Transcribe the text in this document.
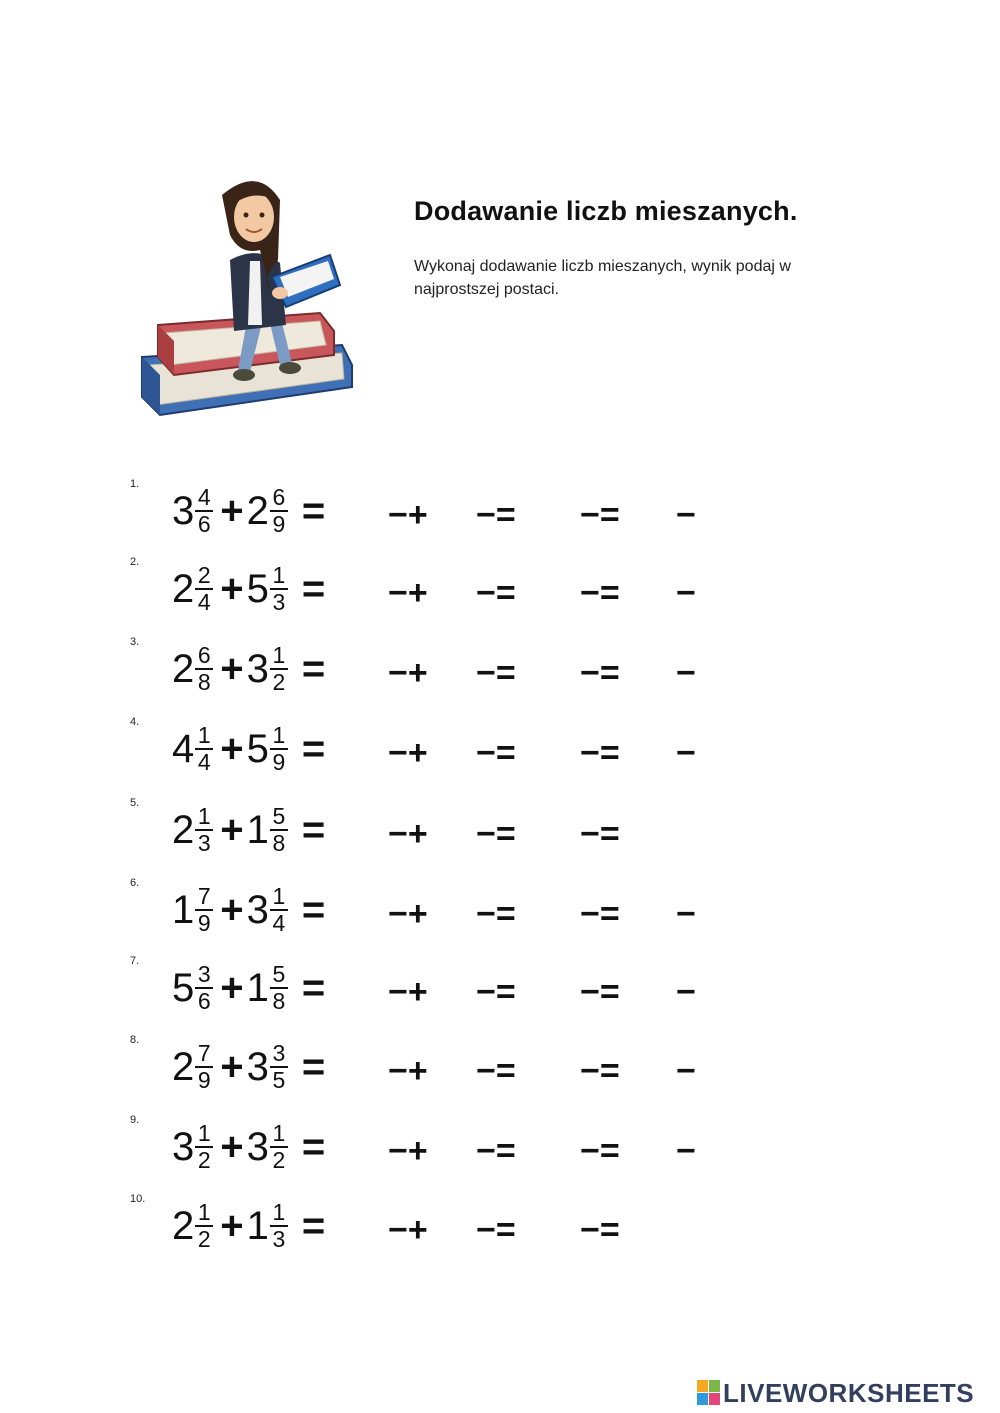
Dodawanie liczb mieszanych.

Wykonaj dodawanie liczb mieszanych, wynik podaj w najprostszej postaci.

1.
$3 \frac{4}{6} + 2 \frac{6}{9}$ = −+ −= −= −
2.
$2 \frac{2}{4} + 5 \frac{1}{3}$ = −+ −= −= −
3.
$2 \frac{6}{8} + 3 \frac{1}{2}$ = −+ −= −= −
4.
$4 \frac{1}{4} + 5 \frac{1}{9}$ = −+ −= −= −
5.
$2 \frac{1}{3} + 1 \frac{5}{8}$ = −+ −= −=
6.
$1 \frac{7}{9} + 3 \frac{1}{4}$ = −+ −= −= −
7.
$5 \frac{3}{6} + 1 \frac{5}{8}$ = −+ −= −= −
8.
$2 \frac{7}{9} + 3 \frac{3}{5}$ = −+ −= −= −
9.
$3 \frac{1}{2} + 3 \frac{1}{2}$ = −+ −= −= −
10.
$2 \frac{1}{2} + 1 \frac{1}{3}$ = −+ −= −=
LIVEWORKSHEETS
